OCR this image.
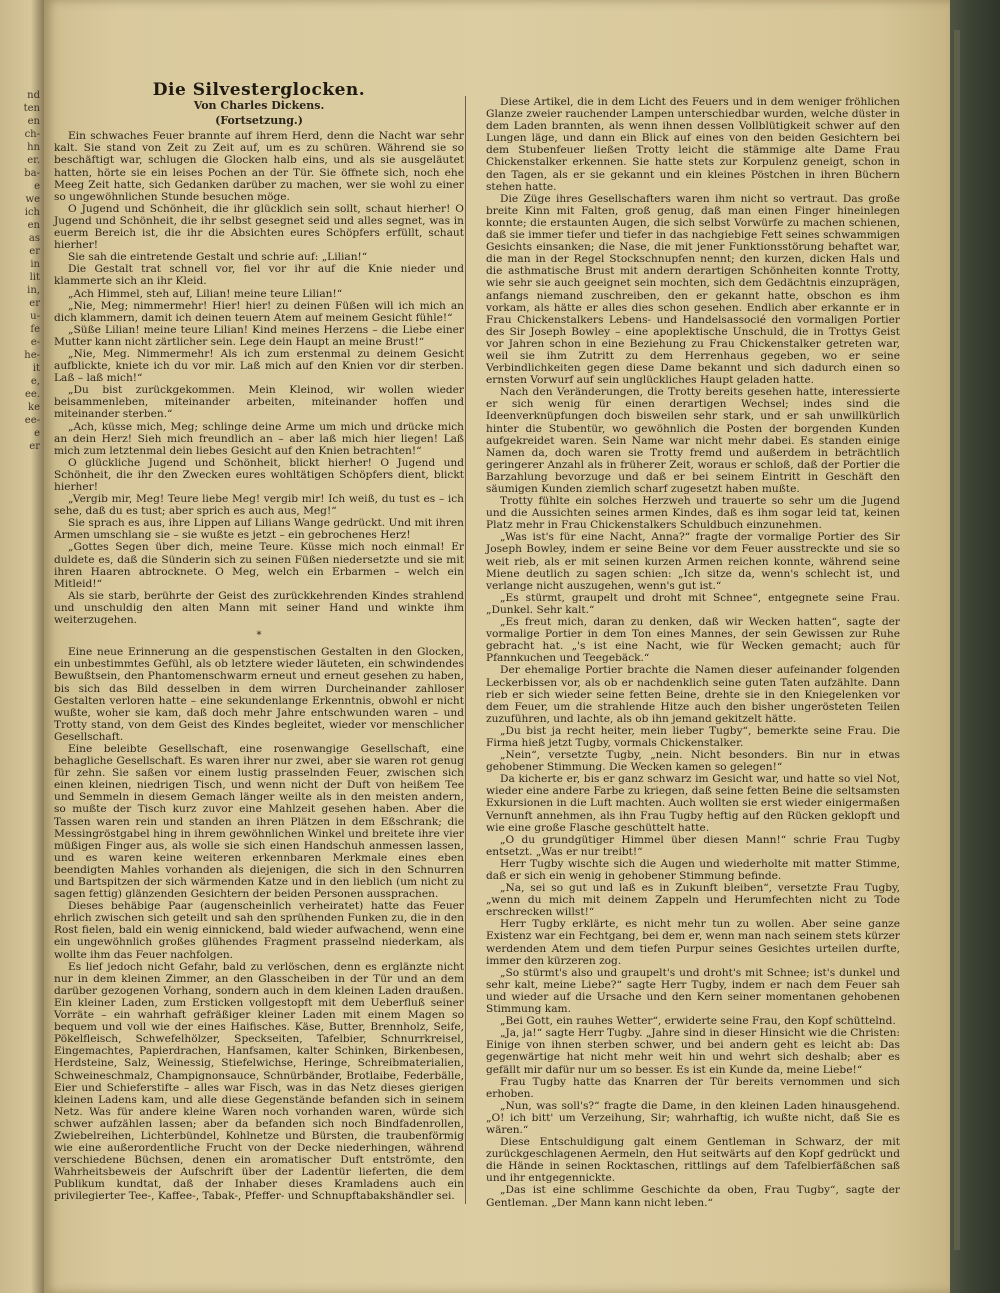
nd
ten
en
ch-
hn
er.
ba-
e
we
ich
en
as
er
in
lit
in,
er
u-
fe
e-
he-
it
e,
ee.
ke
ee-
e
er
Die Silvesterglocken.
Von Charles Dickens.
(Fortsetzung.)

Ein schwaches Feuer brannte auf ihrem Herd, denn die Nacht war sehr kalt. Sie stand von Zeit zu Zeit auf, um es zu schüren. Während sie so beschäftigt war, schlugen die Glocken halb eins, und als sie ausgeläutet hatten, hörte sie ein leises Pochen an der Tür. Sie öffnete sich, noch ehe Meeg Zeit hatte, sich Gedanken darüber zu machen, wer sie wohl zu einer so ungewöhnlichen Stunde besuchen möge.

O Jugend und Schönheit, die ihr glücklich sein sollt, schaut hierher! O Jugend und Schönheit, die ihr selbst gesegnet seid und alles segnet, was in euerm Bereich ist, die ihr die Absichten eures Schöpfers erfüllt, schaut hierher!

Sie sah die eintretende Gestalt und schrie auf: „Lilian!“

Die Gestalt trat schnell vor, fiel vor ihr auf die Knie nieder und klammerte sich an ihr Kleid.

„Ach Himmel, steh auf, Lilian! meine teure Lilian!“

„Nie, Meg; nimmermehr! Hier! hier! zu deinen Füßen will ich mich an dich klammern, damit ich deinen teuern Atem auf meinem Gesicht fühle!“

„Süße Lilian! meine teure Lilian! Kind meines Herzens – die Liebe einer Mutter kann nicht zärtlicher sein. Lege dein Haupt an meine Brust!“

„Nie, Meg. Nimmermehr! Als ich zum erstenmal zu deinem Gesicht aufblickte, kniete ich du vor mir. Laß mich auf den Knien vor dir sterben. Laß – laß mich!“

„Du bist zurückgekommen. Mein Kleinod, wir wollen wieder beisammenleben, miteinander arbeiten, miteinander hoffen und miteinander sterben.“

„Ach, küsse mich, Meg; schlinge deine Arme um mich und drücke mich an dein Herz! Sieh mich freundlich an – aber laß mich hier liegen! Laß mich zum letztenmal dein liebes Gesicht auf den Knien betrachten!“

O glückliche Jugend und Schönheit, blickt hierher! O Jugend und Schönheit, die ihr den Zwecken eures wohltätigen Schöpfers dient, blickt hierher!

„Vergib mir, Meg! Teure liebe Meg! vergib mir! Ich weiß, du tust es – ich sehe, daß du es tust; aber sprich es auch aus, Meg!“

Sie sprach es aus, ihre Lippen auf Lilians Wange gedrückt. Und mit ihren Armen umschlang sie – sie wußte es jetzt – ein gebrochenes Herz!

„Gottes Segen über dich, meine Teure. Küsse mich noch einmal! Er duldete es, daß die Sünderin sich zu seinen Füßen niedersetzte und sie mit ihren Haaren abtrocknete. O Meg, welch ein Erbarmen – welch ein Mitleid!“

Als sie starb, berührte der Geist des zurückkehrenden Kindes strahlend und unschuldig den alten Mann mit seiner Hand und winkte ihm weiterzugehen.

*

Eine neue Erinnerung an die gespenstischen Gestalten in den Glocken, ein unbestimmtes Gefühl, als ob letztere wieder läuteten, ein schwindendes Bewußtsein, den Phantomenschwarm erneut und erneut gesehen zu haben, bis sich das Bild desselben in dem wirren Durcheinander zahlloser Gestalten verloren hatte – eine sekundenlange Erkenntnis, obwohl er nicht wußte, woher sie kam, daß doch mehr Jahre entschwunden waren – und Trotty stand, von dem Geist des Kindes begleitet, wieder vor menschlicher Gesellschaft.

Eine beleibte Gesellschaft, eine rosenwangige Gesellschaft, eine behagliche Gesellschaft. Es waren ihrer nur zwei, aber sie waren rot genug für zehn. Sie saßen vor einem lustig prasselnden Feuer, zwischen sich einen kleinen, niedrigen Tisch, und wenn nicht der Duft von heißem Tee und Semmeln in diesem Gemach länger weilte als in den meisten andern, so mußte der Tisch kurz zuvor eine Mahlzeit gesehen haben. Aber die Tassen waren rein und standen an ihren Plätzen in dem Eßschrank; die Messingröstgabel hing in ihrem gewöhnlichen Winkel und breitete ihre vier müßigen Finger aus, als wolle sie sich einen Handschuh anmessen lassen, und es waren keine weiteren erkennbaren Merkmale eines eben beendigten Mahles vorhanden als diejenigen, die sich in den Schnurren und Bartspitzen der sich wärmenden Katze und in den lieblich (um nicht zu sagen fettig) glänzenden Gesichtern der beiden Personen aussprachen.

Dieses behäbige Paar (augenscheinlich verheiratet) hatte das Feuer ehrlich zwischen sich geteilt und sah den sprühenden Funken zu, die in den Rost fielen, bald ein wenig einnickend, bald wieder aufwachend, wenn eine ein ungewöhnlich großes glühendes Fragment prasselnd niederkam, als wollte ihm das Feuer nachfolgen.

Es lief jedoch nicht Gefahr, bald zu verlöschen, denn es erglänzte nicht nur in dem kleinen Zimmer, an den Glasscheiben in der Tür und an dem darüber gezogenen Vorhang, sondern auch in dem kleinen Laden draußen. Ein kleiner Laden, zum Ersticken vollgestopft mit dem Ueberfluß seiner Vorräte – ein wahrhaft gefräßiger kleiner Laden mit einem Magen so bequem und voll wie der eines Haifisches. Käse, Butter, Brennholz, Seife, Pökelfleisch, Schwefelhölzer, Speckseiten, Tafelbier, Schnurrkreisel, Eingemachtes, Papierdrachen, Hanfsamen, kalter Schinken, Birkenbesen, Herdsteine, Salz, Weinessig, Stiefelwichse, Heringe, Schreibmaterialien, Schweineschmalz, Champignonsauce, Schnürbänder, Brotlaibe, Federbälle, Eier und Schieferstifte – alles war Fisch, was in das Netz dieses gierigen kleinen Ladens kam, und alle diese Gegenstände befanden sich in seinem Netz. Was für andere kleine Waren noch vorhanden waren, würde sich schwer aufzählen lassen; aber da befanden sich noch Bindfadenrollen, Zwiebelreihen, Lichterbündel, Kohlnetze und Bürsten, die traubenförmig wie eine außerordentliche Frucht von der Decke niederhingen, während verschiedene Büchsen, denen ein aromatischer Duft entströmte, den Wahrheitsbeweis der Aufschrift über der Ladentür lieferten, die dem Publikum kundtat, daß der Inhaber dieses Kramladens auch ein privilegierter Tee-, Kaffee-, Tabak-, Pfeffer- und Schnupftabakshändler sei.

Diese Artikel, die in dem Licht des Feuers und in dem weniger fröhlichen Glanze zweier rauchender Lampen unterschiedbar wurden, welche düster in dem Laden brannten, als wenn ihnen dessen Vollblütigkeit schwer auf den Lungen läge, und dann ein Blick auf eines von den beiden Gesichtern bei dem Stubenfeuer ließen Trotty leicht die stämmige alte Dame Frau Chickenstalker erkennen. Sie hatte stets zur Korpulenz geneigt, schon in den Tagen, als er sie gekannt und ein kleines Pöstchen in ihren Büchern stehen hatte.

Die Züge ihres Gesellschafters waren ihm nicht so vertraut. Das große breite Kinn mit Falten, groß genug, daß man einen Finger hineinlegen konnte; die erstaunten Augen, die sich selbst Vorwürfe zu machen schienen, daß sie immer tiefer und tiefer in das nachgiebige Fett seines schwammigen Gesichts einsanken; die Nase, die mit jener Funktionsstörung behaftet war, die man in der Regel Stockschnupfen nennt; den kurzen, dicken Hals und die asthmatische Brust mit andern derartigen Schönheiten konnte Trotty, wie sehr sie auch geeignet sein mochten, sich dem Gedächtnis einzuprägen, anfangs niemand zuschreiben, den er gekannt hatte, obschon es ihm vorkam, als hätte er alles dies schon gesehen. Endlich aber erkannte er in Frau Chickenstalkers Lebens- und Handelsassocié den vormaligen Portier des Sir Joseph Bowley – eine apoplektische Unschuld, die in Trottys Geist vor Jahren schon in eine Beziehung zu Frau Chickenstalker getreten war, weil sie ihm Zutritt zu dem Herrenhaus gegeben, wo er seine Verbindlichkeiten gegen diese Dame bekannt und sich dadurch einen so ernsten Vorwurf auf sein unglückliches Haupt geladen hatte.

Nach den Veränderungen, die Trotty bereits gesehen hatte, interessierte er sich wenig für einen derartigen Wechsel; indes sind die Ideenverknüpfungen doch bisweilen sehr stark, und er sah unwillkürlich hinter die Stubentür, wo gewöhnlich die Posten der borgenden Kunden aufgekreidet waren. Sein Name war nicht mehr dabei. Es standen einige Namen da, doch waren sie Trotty fremd und außerdem in beträchtlich geringerer Anzahl als in früherer Zeit, woraus er schloß, daß der Portier die Barzahlung bevorzuge und daß er bei seinem Eintritt in Geschäft den säumigen Kunden ziemlich scharf zugesetzt haben mußte.

Trotty fühlte ein solches Herzweh und trauerte so sehr um die Jugend und die Aussichten seines armen Kindes, daß es ihm sogar leid tat, keinen Platz mehr in Frau Chickenstalkers Schuldbuch einzunehmen.

„Was ist's für eine Nacht, Anna?“ fragte der vormalige Portier des Sir Joseph Bowley, indem er seine Beine vor dem Feuer ausstreckte und sie so weit rieb, als er mit seinen kurzen Armen reichen konnte, während seine Miene deutlich zu sagen schien: „Ich sitze da, wenn's schlecht ist, und verlange nicht auszugehen, wenn's gut ist.“

„Es stürmt, graupelt und droht mit Schnee“, entgegnete seine Frau. „Dunkel. Sehr kalt.“

„Es freut mich, daran zu denken, daß wir Wecken hatten“, sagte der vormalige Portier in dem Ton eines Mannes, der sein Gewissen zur Ruhe gebracht hat. „'s ist eine Nacht, wie für Wecken gemacht; auch für Pfannkuchen und Teegebäck.“

Der ehemalige Portier brachte die Namen dieser aufeinander folgenden Leckerbissen vor, als ob er nachdenklich seine guten Taten aufzählte. Dann rieb er sich wieder seine fetten Beine, drehte sie in den Kniegelenken vor dem Feuer, um die strahlende Hitze auch den bisher ungerösteten Teilen zuzuführen, und lachte, als ob ihn jemand gekitzelt hätte.

„Du bist ja recht heiter, mein lieber Tugby“, bemerkte seine Frau. Die Firma hieß jetzt Tugby, vormals Chickenstalker.

„Nein“, versetzte Tugby, „nein. Nicht besonders. Bin nur in etwas gehobener Stimmung. Die Wecken kamen so gelegen!“

Da kicherte er, bis er ganz schwarz im Gesicht war, und hatte so viel Not, wieder eine andere Farbe zu kriegen, daß seine fetten Beine die seltsamsten Exkursionen in die Luft machten. Auch wollten sie erst wieder einigermaßen Vernunft annehmen, als ihn Frau Tugby heftig auf den Rücken geklopft und wie eine große Flasche geschüttelt hatte.

„O du grundgütiger Himmel über diesen Mann!“ schrie Frau Tugby entsetzt. „Was er nur treibt!“

Herr Tugby wischte sich die Augen und wiederholte mit matter Stimme, daß er sich ein wenig in gehobener Stimmung befinde.

„Na, sei so gut und laß es in Zukunft bleiben“, versetzte Frau Tugby, „wenn du mich mit deinem Zappeln und Herumfechten nicht zu Tode erschrecken willst!“

Herr Tugby erklärte, es nicht mehr tun zu wollen. Aber seine ganze Existenz war ein Fechtgang, bei dem er, wenn man nach seinem stets kürzer werdenden Atem und dem tiefen Purpur seines Gesichtes urteilen durfte, immer den kürzeren zog.

„So stürmt's also und graupelt's und droht's mit Schnee; ist's dunkel und sehr kalt, meine Liebe?“ sagte Herr Tugby, indem er nach dem Feuer sah und wieder auf die Ursache und den Kern seiner momentanen gehobenen Stimmung kam.

„Bei Gott, ein rauhes Wetter“, erwiderte seine Frau, den Kopf schüttelnd.

„Ja, ja!“ sagte Herr Tugby. „Jahre sind in dieser Hinsicht wie die Christen: Einige von ihnen sterben schwer, und bei andern geht es leicht ab: Das gegenwärtige hat nicht mehr weit hin und wehrt sich deshalb; aber es gefällt mir dafür nur um so besser. Es ist ein Kunde da, meine Liebe!“

Frau Tugby hatte das Knarren der Tür bereits vernommen und sich erhoben.

„Nun, was soll's?“ fragte die Dame, in den kleinen Laden hinausgehend. „O! ich bitt' um Verzeihung, Sir; wahrhaftig, ich wußte nicht, daß Sie es wären.“

Diese Entschuldigung galt einem Gentleman in Schwarz, der mit zurückgeschlagenen Aermeln, den Hut seitwärts auf den Kopf gedrückt und die Hände in seinen Rocktaschen, rittlings auf dem Tafelbierfäßchen saß und ihr entgegennickte.

„Das ist eine schlimme Geschichte da oben, Frau Tugby“, sagte der Gentleman. „Der Mann kann nicht leben.“
